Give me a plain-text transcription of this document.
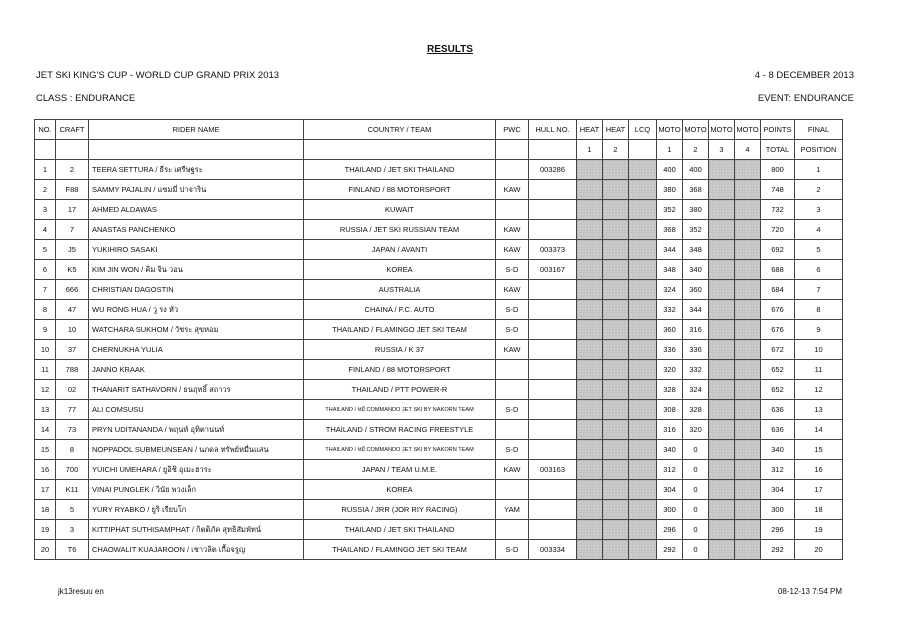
RESULTS
JET SKI KING'S CUP - WORLD CUP GRAND PRIX 2013	4 - 8 DECEMBER 2013
CLASS : ENDURANCE	EVENT: ENDURANCE
NO.	CRAFT	RIDER NAME	COUNTRY / TEAM	PWC	HULL NO.	HEAT	HEAT	LCQ	MOTO	MOTO	MOTO	MOTO	POINTS	FINAL
						1	2		1	2	3	4	TOTAL	POSITION
1	2	TEERA SETTURA / ธีระ เศรีษฐระ	THAILAND / JET SKI THAILAND		003286				400	400			800	1
2	F88	SAMMY PAJALIN / แซมมี่ ปาจาริน	FINLAND / 88 MOTORSPORT	KAW					380	368			748	2
3	17	AHMED ALDAWAS	KUWAIT						352	380			732	3
4	7	ANASTAS PANCHENKO	RUSSIA / JET SKI RUSSIAN TEAM	KAW					368	352			720	4
5	J5	YUKIHIRO SASAKI	JAPAN / AVANTI	KAW	003373				344	348			692	5
6	K5	KIM JIN WON / คิม จิน วอน	KOREA	S-D	003167				348	340			688	6
7	666	CHRISTIAN DAGOSTIN	AUSTRALIA	KAW					324	360			684	7
8	47	WU RONG HUA / วู รง หัว	CHAINA / F.C. AUTO	S-D					332	344			676	8
9	10	WATCHARA SUKHOM / วัชระ สุขหอม	THAILAND / FLAMINGO JET SKI TEAM	S-D					360	316			676	9
10	37	CHERNUKHA YULIA	RUSSIA / K 37	KAW					336	336			672	10
11	788	JANNO KRAAK	FINLAND / 88 MOTORSPORT						320	332			652	11
12	02	THANARIT SATHAVORN / ธนฤทธิ์ สถาวร	THAILAND / PTT POWER-R						328	324			652	12
13	77	ALI COMSUSU	THAILAND / หมี COMMANDO JET SKI BY NAKORN TEAM	S-D					308	328			636	13
14	73	PRYN UDITANANDA / พฤนท์ อุทิตานนท์	THAILAND / STROM RACING FREESTYLE						316	320			636	14
15	8	NOPPADOL SUBMEUNSEAN / นภดล ทรัพย์หมื่นแสน	THAILAND / หมี COMMANDO JET SKI BY NAKORN TEAM	S-D					340	0			340	15
16	700	YUICHI UMEHARA / ยูอิชิ อุเมะฮาระ	JAPAN / TEAM U.M.E.	KAW	003163				312	0			312	16
17	K11	VINAI PUNGLEK / วินัย พวงเล็ก	KOREA						304	0			304	17
18	5	YURY RYABKO / ยูริ เรียบโก	RUSSIA / JRR (JOR RIY RACING)	YAM					300	0			300	18
19	3	KITTIPHAT SUTHISAMPHAT / กิตติภัค สุทธิสัมพัทน์	THAILAND / JET SKI THAILAND						296	0			296	19
20	T6	CHAOWALIT KUAJAROON / เชาวลิต เกื้อจรูญ	THAILAND / FLAMINGO JET SKI TEAM	S-D	003334				292	0			292	20
jk13resuu en	08-12-13 7:54 PM
